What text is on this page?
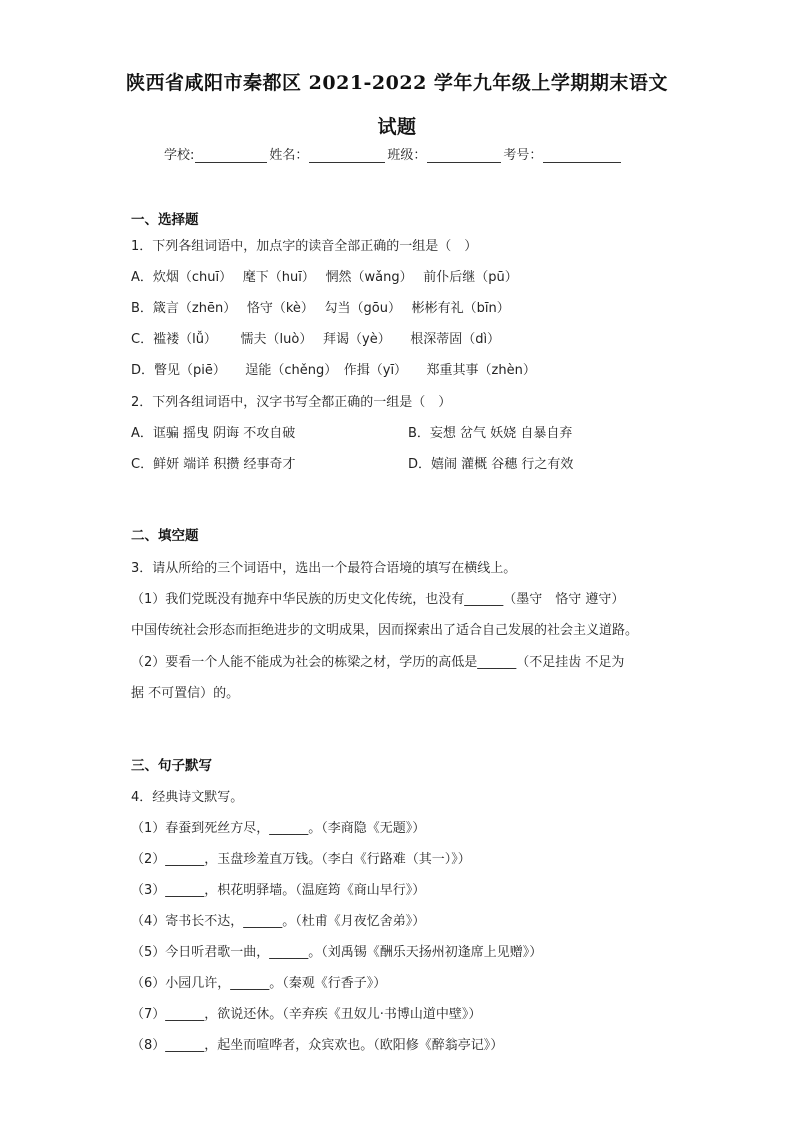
陕西省咸阳市秦都区 2021-2022 学年九年级上学期期末语文
试题
学校:	姓名：	班级：	考号：
一、选择题
1．下列各组词语中，加点字的读音全部正确的一组是（　）
A．炊烟（chuī）　 麾下（huī）　 惘然（wǎng）　 前仆后继（pū）
B．箴言（zhēn）　 恪守（kè）　 勾当（gōu）　 彬彬有礼（bīn）
C．褴褛（lǚ）　　 懦夫（luò）　 拜谒（yè）　　根深蒂固（dì）
D．瞥见（piē）　　逞能（chěng）　作揖（yī）　　郑重其事（zhèn）
2．下列各组词语中，汉字书写全都正确的一组是（　）
A．诓骗 摇曳 阴诲 不攻自破	B．妄想 岔气 妖娆 自暴自弃
C．鲜妍 端详 积攒 经事奇才	D．嬉闹 灌概 谷穗 行之有效
二、填空题
3．请从所给的三个词语中，选出一个最符合语境的填写在横线上。
（1）我们党既没有抛弃中华民族的历史文化传统，也没有______（墨守　恪守 遵守）
中国传统社会形态而拒绝进步的文明成果，因而探索出了适合自己发展的社会主义道路。
（2）要看一个人能不能成为社会的栋梁之材，学历的高低是______（不足挂齿 不足为
据 不可置信）的。
三、句子默写
4．经典诗文默写。
（1）春蚕到死丝方尽，______。（李商隐《无题》）
（2）______，玉盘珍羞直万钱。（李白《行路难（其一）》）
（3）______，枳花明驿墙。（温庭筠《商山早行》）
（4）寄书长不达，______。（杜甫《月夜忆舍弟》）
（5）今日听君歌一曲，______。（刘禹锡《酬乐天扬州初逢席上见赠》）
（6）小园几许，______。（秦观《行香子》）
（7）______，欲说还休。（辛弃疾《丑奴儿·书博山道中壁》）
（8）______，起坐而喧哗者，众宾欢也。（欧阳修《醉翁亭记》）
